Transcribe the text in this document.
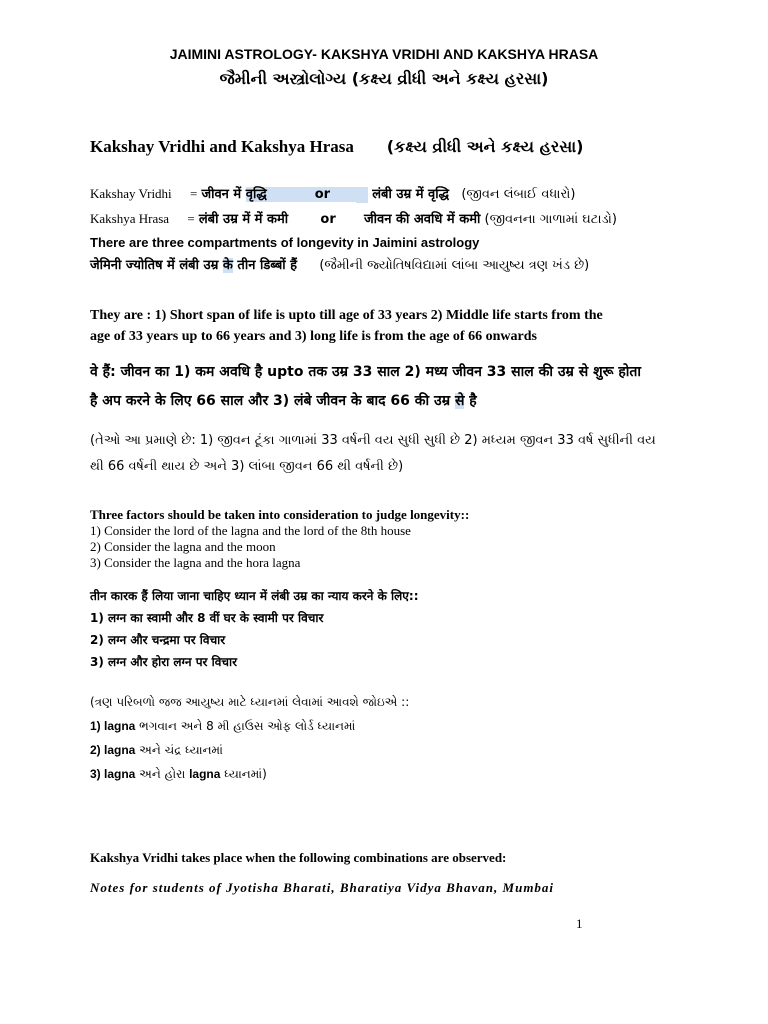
JAIMINI ASTROLOGY- KAKSHYA VRIDHI AND KAKSHYA HRASA
જૈમીની અસ્ત્રોલોગ્ય (કક્ષ્ય વ્રીધી અને કક્ષ્ય હરસા)
Kakshay Vridhi and Kakshya Hrasa (કક્ષ્ય વ્રીધી અને કક્ષ્ય હરસા)
Kakshay Vridhi = जीवन में वृद्धि	or	लंबी उम्र में वृद्धि (જીવન લંબાઈ વધારો)
Kakshya Hrasa = लंबी उम्र में में कमी or जीवन की अवधि में कमी (જીવનના ગાળામાં ઘટાડો)
There are three compartments of longevity in Jaimini astrology
जेमिनी ज्योतिष में लंबी उम्र के तीन डिब्बों हैं (જૈમીની જ્યોતિષવિદ્યામાં લાંબા આયુષ્ય ત્રણ ખંડ છે)
They are : 1) Short span of life is upto till age of 33 years 2) Middle life starts from the
age of 33 years up to 66 years and 3) long life is from the age of 66 onwards
वे हैं: जीवन का 1) कम अवधि है upto तक उम्र 33 साल 2) मध्य जीवन 33 साल की उम्र से शुरू होता
है अप करने के लिए 66 साल और 3) लंबे जीवन के बाद 66 की उम्र से है
(તેઓ આ પ્રમાણે છે: 1) જીવન ટૂંકા ગાળામાં 33 વર્ષની વય સુધી સુધી છે 2) મધ્યમ જીવન 33 વર્ષ સુધીની વય
થી 66 વર્ષની થાય છે અને 3) લાંબા જીવન 66 થી વર્ષની છે)
Three factors should be taken into consideration to judge longevity::
1) Consider the lord of the lagna and the lord of the 8th house
2) Consider the lagna and the moon
3) Consider the lagna and the hora lagna
तीन कारक हैं लिया जाना चाहिए ध्यान में लंबी उम्र का न्याय करने के लिए::
1) लग्न का स्वामी और 8 वीं घर के स्वामी पर विचार
2) लग्न और चन्द्रमा पर विचार
3) लग्न और होरा लग्न पर विचार
(ત્રણ પરિબળો જજ આયુષ્ય માટે ધ્યાનમાં લેવામાં આવશે જોઇએ ::
1) lagna ભગવાન અને 8 મી હાઉસ ઓફ લોર્ડ ધ્યાનમાં
2) lagna અને ચંદ્ર ધ્યાનમાં
3) lagna અને હોરા lagna ધ્યાનમાં)
Kakshya Vridhi takes place when the following combinations are observed:
Notes for students of Jyotisha Bharati, Bharatiya Vidya Bhavan, Mumbai
1
